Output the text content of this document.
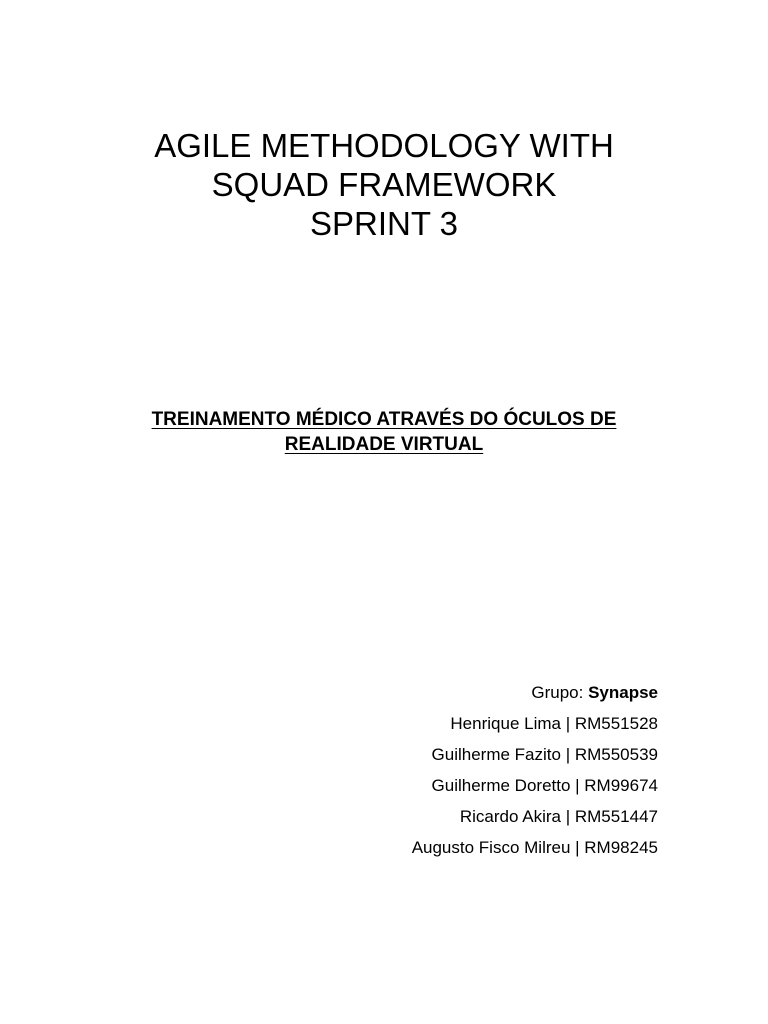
AGILE METHODOLOGY WITH
SQUAD FRAMEWORK
SPRINT 3
TREINAMENTO MÉDICO ATRAVÉS DO ÓCULOS DE
REALIDADE VIRTUAL
Grupo: Synapse
Henrique Lima | RM551528
Guilherme Fazito | RM550539
Guilherme Doretto | RM99674
Ricardo Akira | RM551447
Augusto Fisco Milreu | RM98245
